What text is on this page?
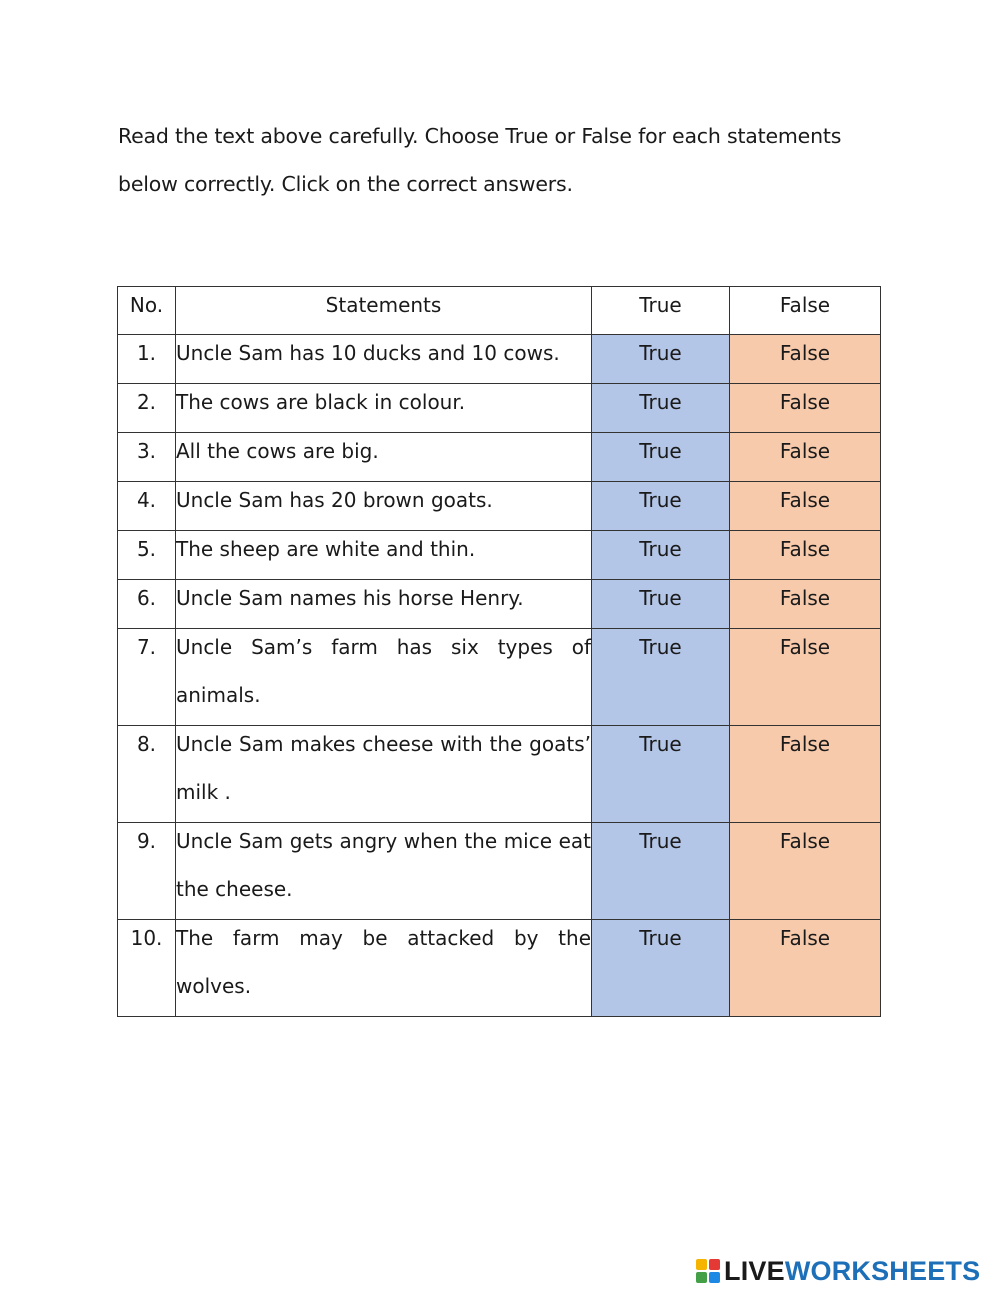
Read the text above carefully. Choose True or False for each statements
below correctly. Click on the correct answers.
No.	Statements	True	False
1.	Uncle Sam has 10 ducks and 10 cows.	True	False
2.	The cows are black in colour.	True	False
3.	All the cows are big.	True	False
4.	Uncle Sam has 20 brown goats.	True	False
5.	The sheep are white and thin.	True	False
6.	Uncle Sam names his horse Henry.	True	False
7.	Uncle Sam’s farm has six types of animals.	True	False
8.	Uncle Sam makes cheese with the goats’ milk .	True	False
9.	Uncle Sam gets angry when the mice eat the cheese.	True	False
10.	The farm may be attacked by the wolves.	True	False
LIVEWORKSHEETS
